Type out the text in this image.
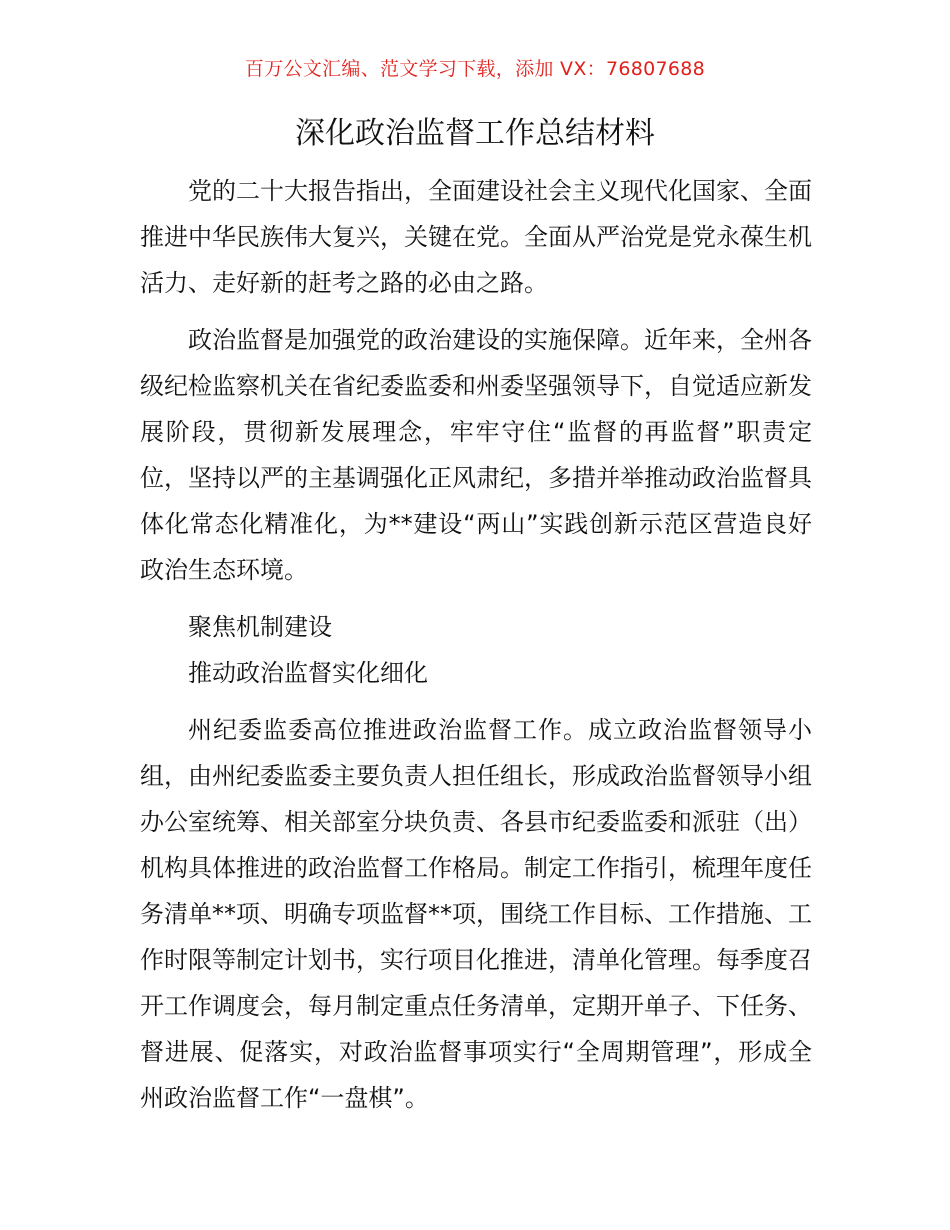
百万公文汇编、范文学习下载，添加 VX：76807688
深化政治监督工作总结材料

党的二十大报告指出，全面建设社会主义现代化国家、全面推进中华民族伟大复兴，关键在党。全面从严治党是党永葆生机活力、走好新的赶考之路的必由之路。

政治监督是加强党的政治建设的实施保障。近年来，全州各级纪检监察机关在省纪委监委和州委坚强领导下，自觉适应新发展阶段，贯彻新发展理念，牢牢守住“监督的再监督”职责定位，坚持以严的主基调强化正风肃纪，多措并举推动政治监督具体化常态化精准化，为**建设“两山”实践创新示范区营造良好政治生态环境。

聚焦机制建设

推动政治监督实化细化

州纪委监委高位推进政治监督工作。成立政治监督领导小组，由州纪委监委主要负责人担任组长，形成政治监督领导小组办公室统筹、相关部室分块负责、各县市纪委监委和派驻（出）机构具体推进的政治监督工作格局。制定工作指引，梳理年度任务清单**项、明确专项监督**项，围绕工作目标、工作措施、工作时限等制定计划书，实行项目化推进，清单化管理。每季度召开工作调度会，每月制定重点任务清单，定期开单子、下任务、督进展、促落实，对政治监督事项实行“全周期管理”，形成全州政治监督工作“一盘棋”。
